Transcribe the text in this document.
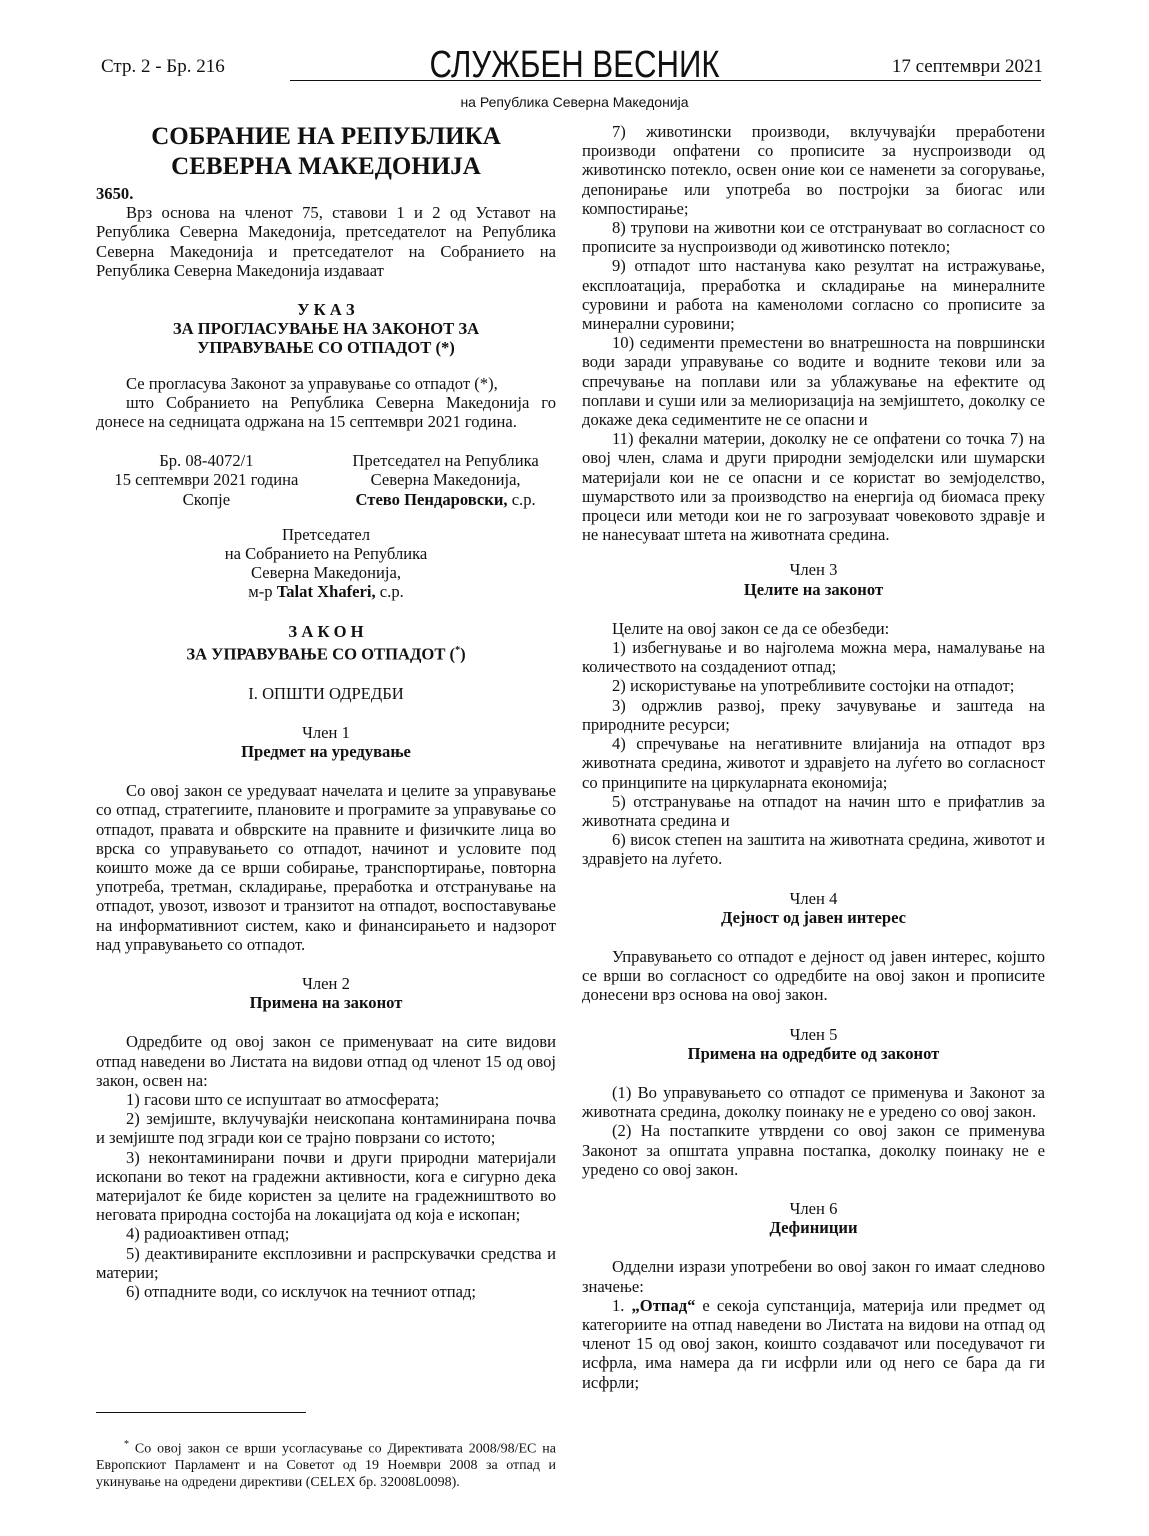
Стр. 2 - Бр. 216	СЛУЖБЕН ВЕСНИК	17 септември 2021
на Република Северна Македонија

СОБРАНИЕ НА РЕПУБЛИКА СЕВЕРНА МАКЕДОНИЈА

3650.

Врз основа на членот 75, ставови 1 и 2 од Уставот на Република Северна Македонија, претседателот на Република Северна Македонија и претседателот на Собранието на Република Северна Македонија издаваат

У К А З

ЗА ПРОГЛАСУВАЊЕ НА ЗАКОНОТ ЗА

УПРАВУВАЊЕ СО ОТПАДОТ (*)

Се прогласува Законот за управување со отпадот (*),

што Собранието на Република Северна Македонија го донесе на седницата одржана на 15 септември 2021 година.

Бр. 08-4072/1

15 септември 2021 година

Скопје

Претседател на Република

Северна Македонија,

Стево Пендаровски, с.р.

Претседател

на Собранието на Република

Северна Македонија,

м-р Talat Xhaferi, с.р.

З А К О Н

ЗА УПРАВУВАЊЕ СО ОТПАДОТ (*)

I. ОПШТИ ОДРЕДБИ

Член 1

Предмет на уредување

Со овој закон се уредуваат начелата и целите за управување со отпад, стратегиите, плановите и програмите за управување со отпадот, правата и обврските на правните и физичките лица во врска со управувањето со отпадот, начинот и условите под коишто може да се врши собирање, транспортирање, повторна употреба, третман, складирање, преработка и отстранување на отпадот, увозот, извозот и транзитот на отпадот, воспоставување на информативниот систем, како и финансирањето и надзорот над управувањето со отпадот.

Член 2

Примена на законот

Одредбите од овој закон се применуваат на сите видови отпад наведени во Листата на видови отпад од членот 15 од овој закон, освен на:

1) гасови што се испуштаат во атмосферата;

2) земјиште, вклучувајќи неископана контаминирана почва и земјиште под згради кои се трајно поврзани со истото;

3) неконтаминирани почви и други природни материјали ископани во текот на градежни активности, кога е сигурно дека материјалот ќе биде користен за целите на градежништвото во неговата природна состојба на локацијата од која е ископан;

4) радиоактивен отпад;

5) деактивираните експлозивни и распрскувачки средства и материи;

6) отпадните води, со исклучок на течниот отпад;

* Со овој закон се врши усогласување со Директивата 2008/98/ЕС на Европскиот Парламент и на Советот од 19 Ноември 2008 за отпад и укинување на одредени директиви (CELEX бр. 32008L0098).

7) животински производи, вклучувајќи преработени производи опфатени со прописите за нуспроизводи од животинско потекло, освен оние кои се наменети за согорување, депонирање или употреба во постројки за биогас или компостирање;

8) трупови на животни кои се отстрануваат во согласност со прописите за нуспроизводи од животинско потекло;

9) отпадот што настанува како резултат на истражување, експлоатација, преработка и складирање на минералните суровини и работа на каменоломи согласно со прописите за минерални суровини;

10) седименти преместени во внатрешноста на површински води заради управување со водите и водните текови или за спречување на поплави или за ублажување на ефектите од поплави и суши или за мелиоризација на земјиштето, доколку се докаже дека седиментите не се опасни и

11) фекални материи, доколку не се опфатени со точка 7) на овој член, слама и други природни земјоделски или шумарски материјали кои не се опасни и се користат во земјоделство, шумарството или за производство на енергија од биомаса преку процеси или методи кои не го загрозуваат човековото здравје и не нанесуваат штета на животната средина.

Член 3

Целите на законот

Целите на овој закон се да се обезбеди:

1) избегнување и во најголема можна мера, намалување на количеството на создадениот отпад;

2) искористување на употребливите состојки на отпадот;

3) одржлив развој, преку зачувување и заштеда на природните ресурси;

4) спречување на негативните влијанија на отпадот врз животната средина, животот и здравјето на луѓето во согласност со принципите на циркуларната економија;

5) отстранување на отпадот на начин што е прифатлив за животната средина и

6) висок степен на заштита на животната средина, животот и здравјето на луѓето.

Член 4

Дејност од јавен интерес

Управувањето со отпадот е дејност од јавен интерес, којшто се врши во согласност со одредбите на овој закон и прописите донесени врз основа на овој закон.

Член 5

Примена на одредбите од законот

(1) Во управувањето со отпадот се применува и Законот за животната средина, доколку поинаку не е уредено со овој закон.

(2) На постапките утврдени со овој закон се применува Законот за општата управна постапка, доколку поинаку не е уредено со овој закон.

Член 6

Дефиниции

Одделни изрази употребени во овој закон го имаат следново значење:

1. „Отпад“ е секоја супстанција, материја или предмет од категориите на отпад наведени во Листата на видови на отпад од членот 15 од овој закон, коишто создавачот или поседувачот ги исфрла, има намера да ги исфрли или од него се бара да ги исфрли;
